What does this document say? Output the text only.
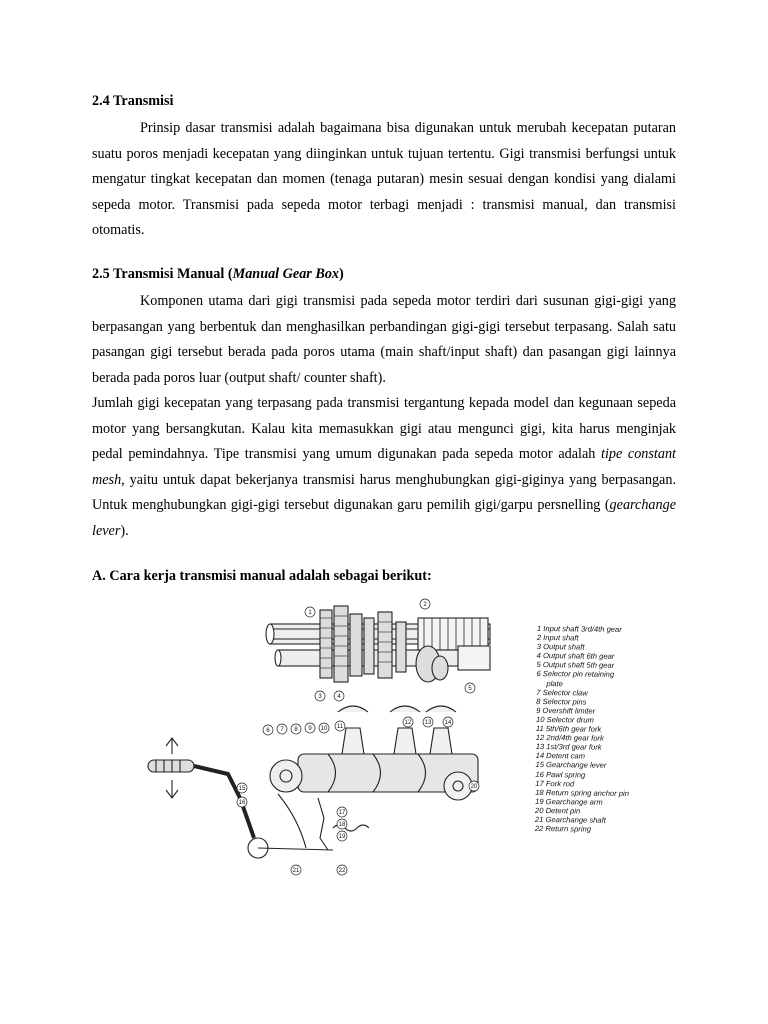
2.4 Transmisi

Prinsip dasar transmisi adalah bagaimana bisa digunakan untuk merubah kecepatan putaran suatu poros menjadi kecepatan yang diinginkan untuk tujuan tertentu. Gigi transmisi berfungsi untuk mengatur tingkat kecepatan dan momen (tenaga putaran) mesin sesuai dengan kondisi yang dialami sepeda motor. Transmisi pada sepeda motor terbagi menjadi : transmisi manual, dan transmisi otomatis.

2.5 Transmisi Manual (Manual Gear Box)

Komponen utama dari gigi transmisi pada sepeda motor terdiri dari susunan gigi-gigi yang berpasangan yang berbentuk dan menghasilkan perbandingan gigi-gigi tersebut terpasang. Salah satu pasangan gigi tersebut berada pada poros utama (main shaft/input shaft) dan pasangan gigi lainnya berada pada poros luar (output shaft/ counter shaft).

Jumlah gigi kecepatan yang terpasang pada transmisi tergantung kepada model dan kegunaan sepeda motor yang bersangkutan. Kalau kita memasukkan gigi atau mengunci gigi, kita harus menginjak pedal pemindahnya. Tipe transmisi yang umum digunakan pada sepeda motor adalah tipe constant mesh, yaitu untuk dapat bekerjanya transmisi harus menghubungkan gigi-giginya yang berpasangan. Untuk menghubungkan gigi-gigi tersebut digunakan garu pemilih gigi/garpu persnelling (gearchange lever).

A. Cara kerja transmisi manual adalah sebagai berikut:

1
2
3	4
5
6 7 8 9 10 11
12 13 14
15
16
17
18
19
20
21	22
1 Input shaft 3rd/4th gear
2 Input shaft
3 Output shaft
4 Output shaft 6th gear
5 Output shaft 5th gear
6 Selector pin retaining
plate
7 Selector claw
8 Selector pins
9 Overshift limiter
10 Selector drum
11 5th/6th gear fork
12 2nd/4th gear fork
13 1st/3rd gear fork
14 Detent cam
15 Gearchange lever
16 Pawl spring
17 Fork rod
18 Return spring anchor pin
19 Gearchange arm
20 Detent pin
21 Gearchange shaft
22 Return spring
